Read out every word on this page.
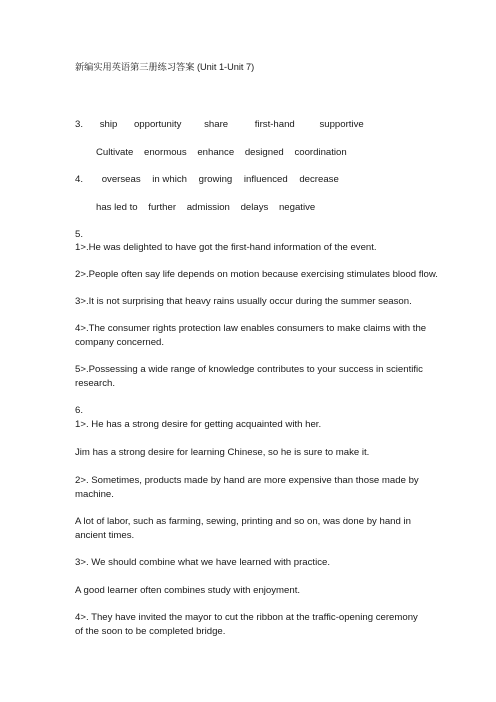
新编实用英语第三册练习答案 (Unit 1-Unit 7)
3. ship opportunity share	first-hand	supportive
Cultivate enormous enhance designed coordination
4. overseas in which growing influenced decrease
has led to further admission delays negative
5.
1>.He was delighted to have got the first-hand information of the event.
2>.People often say life depends on motion because exercising stimulates blood flow.
3>.It is not surprising that heavy rains usually occur during the summer season.
4>.The consumer rights protection law enables consumers to make claims with the company concerned.
5>.Possessing a wide range of knowledge contributes to your success in scientific research.
6.
1>. He has a strong desire for getting acquainted with her.
Jim has a strong desire for learning Chinese, so he is sure to make it.
2>. Sometimes, products made by hand are more expensive than those made by machine.
A lot of labor, such as farming, sewing, printing and so on, was done by hand in ancient times.
3>. We should combine what we have learned with practice.
A good learner often combines study with enjoyment.
4>. They have invited the mayor to cut the ribbon at the traffic-opening ceremony of the soon to be completed bridge.
